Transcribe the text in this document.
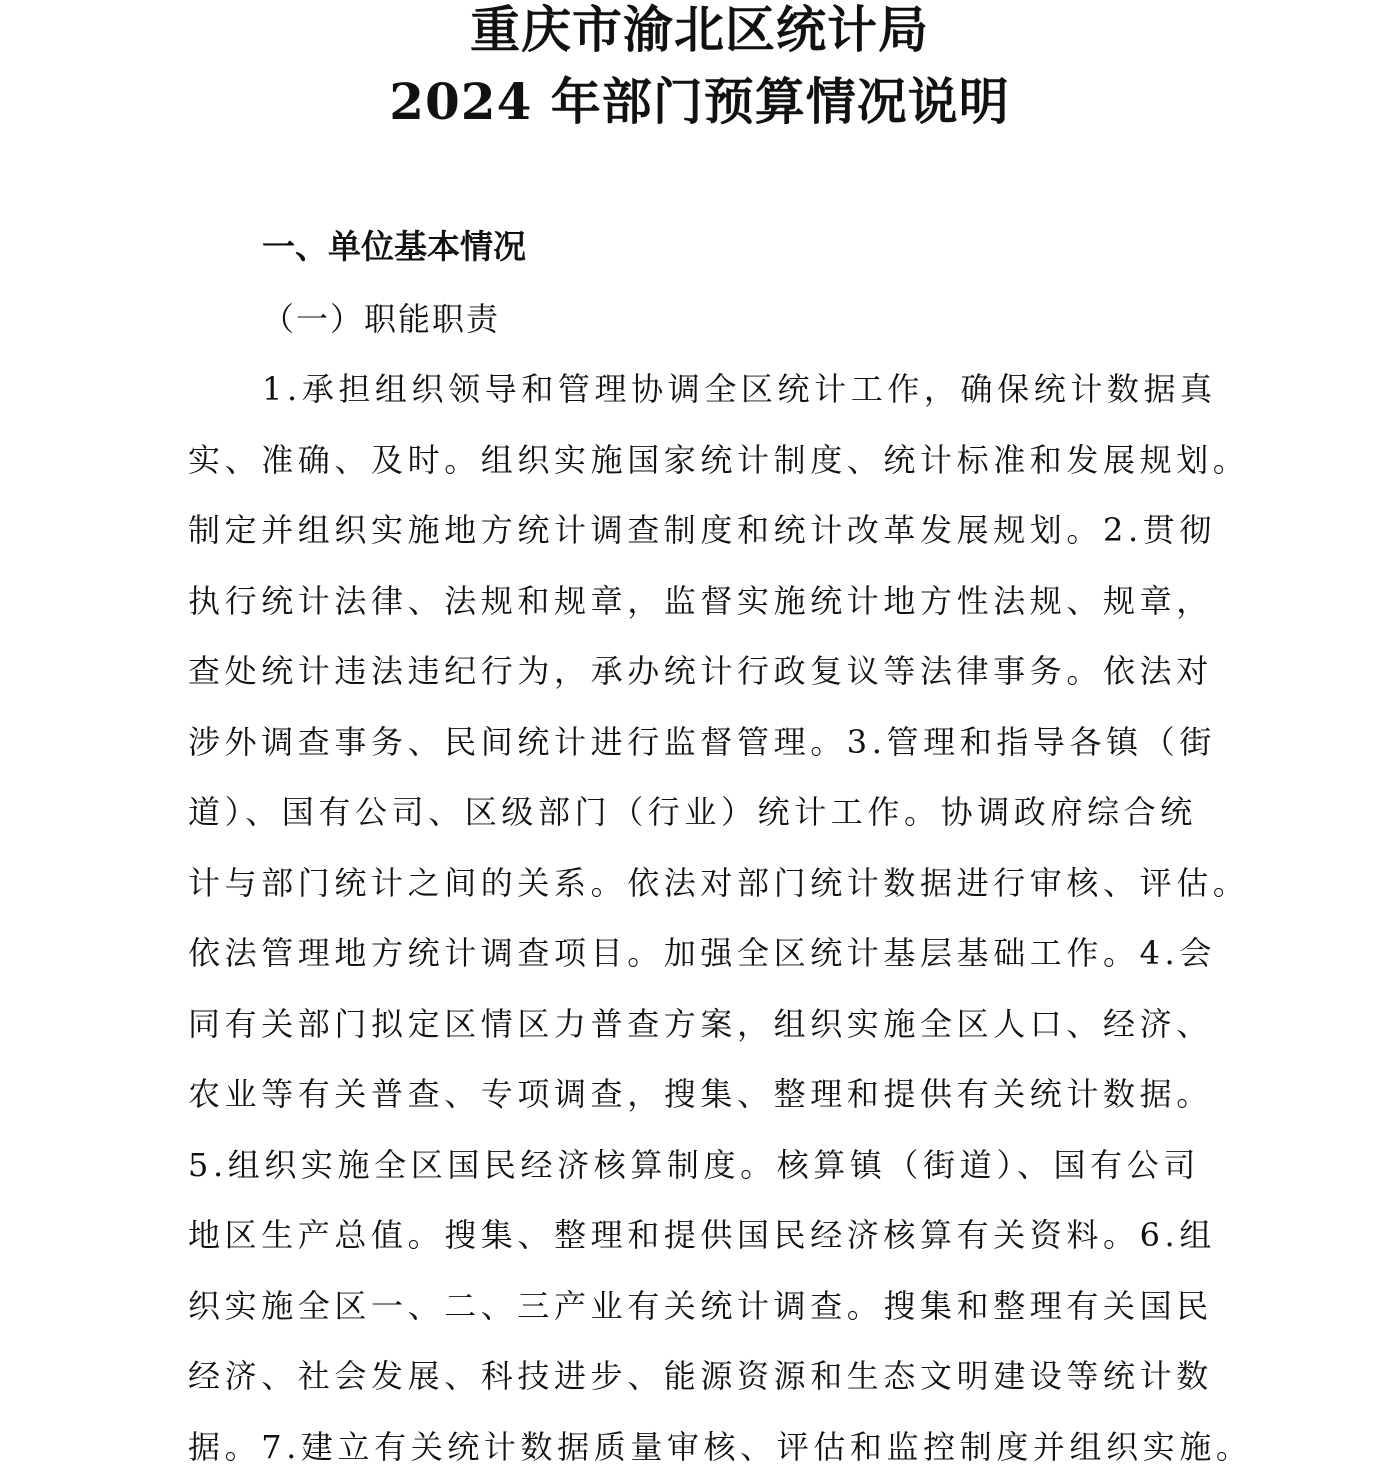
重庆市渝北区统计局
2024 年部门预算情况说明
一、单位基本情况
（一）职能职责
1.承担组织领导和管理协调全区统计工作，确保统计数据真
实、准确、及时。组织实施国家统计制度、统计标准和发展规划。
制定并组织实施地方统计调查制度和统计改革发展规划。2.贯彻
执行统计法律、法规和规章，监督实施统计地方性法规、规章，
查处统计违法违纪行为，承办统计行政复议等法律事务。依法对
涉外调查事务、民间统计进行监督管理。3.管理和指导各镇（街
道）、国有公司、区级部门（行业）统计工作。协调政府综合统
计与部门统计之间的关系。依法对部门统计数据进行审核、评估。
依法管理地方统计调查项目。加强全区统计基层基础工作。4.会
同有关部门拟定区情区力普查方案，组织实施全区人口、经济、
农业等有关普查、专项调查，搜集、整理和提供有关统计数据。
5.组织实施全区国民经济核算制度。核算镇（街道）、国有公司
地区生产总值。搜集、整理和提供国民经济核算有关资料。6.组
织实施全区一、二、三产业有关统计调查。搜集和整理有关国民
经济、社会发展、科技进步、能源资源和生态文明建设等统计数
据。7.建立有关统计数据质量审核、评估和监控制度并组织实施。
